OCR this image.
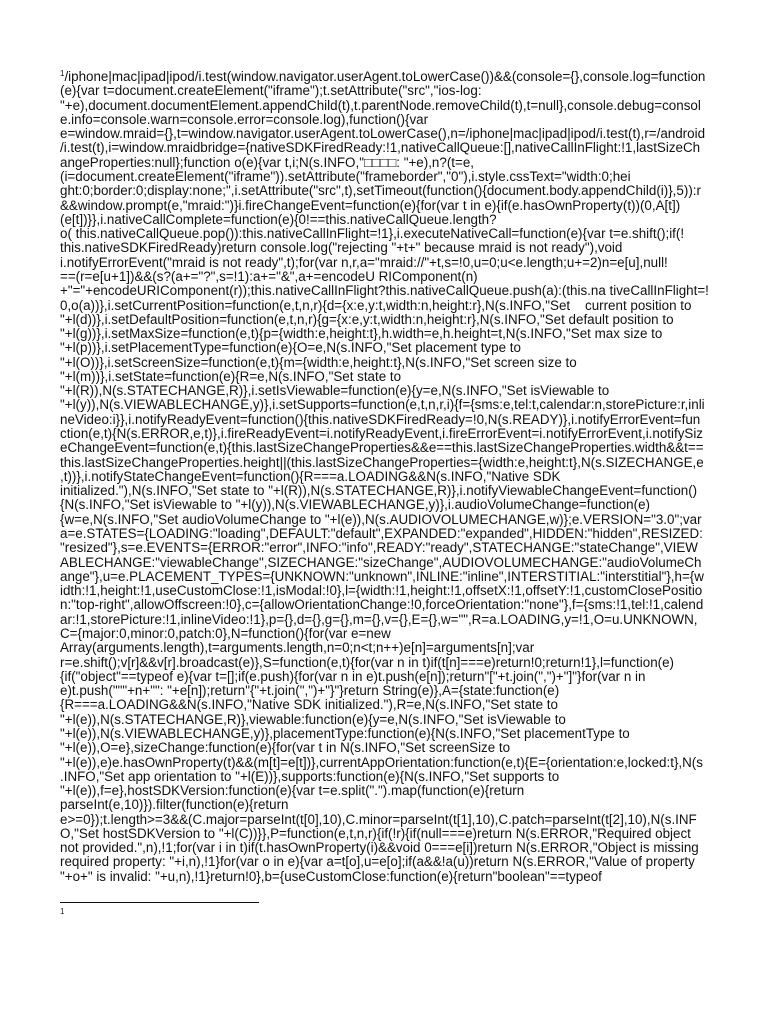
$^1$/iphone|mac|ipad|ipod/i.test(window.navigator.userAgent.toLowerCase())&&(console={},console.log=function
(e){var t=document.createElement("iframe");t.setAttribute("src","ios-log:
"+e),document.documentElement.appendChild(t),t.parentNode.removeChild(t),t=null},console.debug=consol
e.info=console.warn=console.error=console.log),function(){var
e=window.mraid={},t=window.navigator.userAgent.toLowerCase(),n=/iphone|mac|ipad|ipod/i.test(t),r=/android
/i.test(t),i=window.mraidbridge={nativeSDKFiredReady:!1,nativeCallQueue:[],nativeCallInFlight:!1,lastSizeCh
angeProperties:null};function o(e){var t,i;N(s.INFO,"□□□□: "+e),n?(t=e,
(i=document.createElement("iframe")).setAttribute("frameborder","0"),i.style.cssText="width:0;hei
ght:0;border:0;display:none;",i.setAttribute("src",t),setTimeout(function(){document.body.appendChild(i)},5)):r
&&window.prompt(e,"mraid:")}i.fireChangeEvent=function(e){for(var t in e){if(e.hasOwnProperty(t))(0,A[t])
(e[t])}},i.nativeCallComplete=function(e){0!==this.nativeCallQueue.length?
o( this.nativeCallQueue.pop()):this.nativeCallInFlight=!1},i.executeNativeCall=function(e){var t=e.shift();if(!
this.nativeSDKFiredReady)return console.log("rejecting "+t+" because mraid is not ready"),void
i.notifyErrorEvent("mraid is not ready",t);for(var n,r,a="mraid://"+t,s=!0,u=0;u<e.length;u+=2)n=e[u],null!
==(r=e[u+1])&&(s?(a+="?",s=!1):a+="&",a+=encodeU RIComponent(n)
+"="+encodeURIComponent(r));this.nativeCallInFlight?this.nativeCallQueue.push(a):(this.na tiveCallInFlight=!
0,o(a))},i.setCurrentPosition=function(e,t,n,r){d={x:e,y:t,width:n,height:r},N(s.INFO,"Set    current position to
"+l(d))},i.setDefaultPosition=function(e,t,n,r){g={x:e,y:t,width:n,height:r},N(s.INFO,"Set default position to
"+l(g))},i.setMaxSize=function(e,t){p={width:e,height:t},h.width=e,h.height=t,N(s.INFO,"Set max size to
"+l(p))},i.setPlacementType=function(e){O=e,N(s.INFO,"Set placement type to
"+l(O))},i.setScreenSize=function(e,t){m={width:e,height:t},N(s.INFO,"Set screen size to
"+l(m))},i.setState=function(e){R=e,N(s.INFO,"Set state to
"+l(R)),N(s.STATECHANGE,R)},i.setIsViewable=function(e){y=e,N(s.INFO,"Set isViewable to
"+l(y)),N(s.VIEWABLECHANGE,y)},i.setSupports=function(e,t,n,r,i){f={sms:e,tel:t,calendar:n,storePicture:r,inli
neVideo:i}},i.notifyReadyEvent=function(){this.nativeSDKFiredReady=!0,N(s.READY)},i.notifyErrorEvent=fun
ction(e,t){N(s.ERROR,e,t)},i.fireReadyEvent=i.notifyReadyEvent,i.fireErrorEvent=i.notifyErrorEvent,i.notifySiz
eChangeEvent=function(e,t){this.lastSizeChangeProperties&&e==this.lastSizeChangeProperties.width&&t==
this.lastSizeChangeProperties.height||(this.lastSizeChangeProperties={width:e,height:t},N(s.SIZECHANGE,e
,t))},i.notifyStateChangeEvent=function(){R===a.LOADING&&N(s.INFO,"Native SDK
initialized."),N(s.INFO,"Set state to "+l(R)),N(s.STATECHANGE,R)},i.notifyViewableChangeEvent=function()
{N(s.INFO,"Set isViewable to "+l(y)),N(s.VIEWABLECHANGE,y)},i.audioVolumeChange=function(e)
{w=e,N(s.INFO,"Set audioVolumeChange to "+l(e)),N(s.AUDIOVOLUMECHANGE,w)};e.VERSION="3.0";var
a=e.STATES={LOADING:"loading",DEFAULT:"default",EXPANDED:"expanded",HIDDEN:"hidden",RESIZED:
"resized"},s=e.EVENTS={ERROR:"error",INFO:"info",READY:"ready",STATECHANGE:"stateChange",VIEW
ABLECHANGE:"viewableChange",SIZECHANGE:"sizeChange",AUDIOVOLUMECHANGE:"audioVolumeCh
ange"},u=e.PLACEMENT_TYPES={UNKNOWN:"unknown",INLINE:"inline",INTERSTITIAL:"interstitial"},h={w
idth:!1,height:!1,useCustomClose:!1,isModal:!0},l={width:!1,height:!1,offsetX:!1,offsetY:!1,customClosePositio
n:"top-right",allowOffscreen:!0},c={allowOrientationChange:!0,forceOrientation:"none"},f={sms:!1,tel:!1,calend
ar:!1,storePicture:!1,inlineVideo:!1},p={},d={},g={},m={},v={},E={},w="",R=a.LOADING,y=!1,O=u.UNKNOWN,
C={major:0,minor:0,patch:0},N=function(){for(var e=new
Array(arguments.length),t=arguments.length,n=0;n<t;n++)e[n]=arguments[n];var
r=e.shift();v[r]&&v[r].broadcast(e)},S=function(e,t){for(var n in t)if(t[n]===e)return!0;return!1},l=function(e)
{if("object"==typeof e){var t=[];if(e.push){for(var n in e)t.push(e[n]);return"["+t.join(",")+"]"}for(var n in
e)t.push("""+n+"": "+e[n]);return"{"+t.join(",")+"}"}return String(e)},A={state:function(e)
{R===a.LOADING&&N(s.INFO,"Native SDK initialized."),R=e,N(s.INFO,"Set state to
"+l(e)),N(s.STATECHANGE,R)},viewable:function(e){y=e,N(s.INFO,"Set isViewable to
"+l(e)),N(s.VIEWABLECHANGE,y)},placementType:function(e){N(s.INFO,"Set placementType to
"+l(e)),O=e},sizeChange:function(e){for(var t in N(s.INFO,"Set screenSize to
"+l(e)),e)e.hasOwnProperty(t)&&(m[t]=e[t])},currentAppOrientation:function(e,t){E={orientation:e,locked:t},N(s
.INFO,"Set app orientation to "+l(E))},supports:function(e){N(s.INFO,"Set supports to
"+l(e)),f=e},hostSDKVersion:function(e){var t=e.split(".").map(function(e){return
parseInt(e,10)}).filter(function(e){return
e>=0});t.length>=3&&(C.major=parseInt(t[0],10),C.minor=parseInt(t[1],10),C.patch=parseInt(t[2],10),N(s.INF
O,"Set hostSDKVersion to "+l(C))}},P=function(e,t,n,r){if(!r){if(null===e)return N(s.ERROR,"Required object
not provided.",n),!1;for(var i in t)if(t.hasOwnProperty(i)&&void 0===e[i])return N(s.ERROR,"Object is missing
required property: "+i,n),!1}for(var o in e){var a=t[o],u=e[o];if(a&&!a(u))return N(s.ERROR,"Value of property
"+o+" is invalid: "+u,n),!1}return!0},b={useCustomClose:function(e){return"boolean"==typeof
1
